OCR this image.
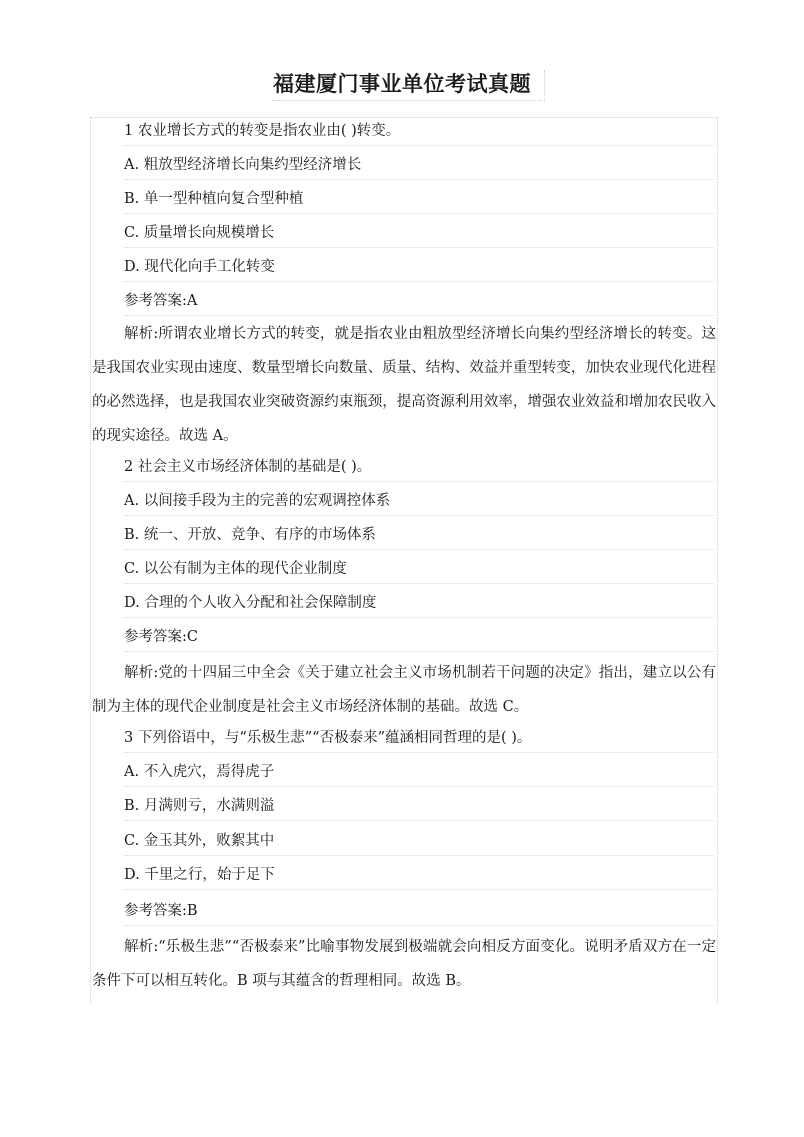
福建厦门事业单位考试真题

1 农业增长方式的转变是指农业由( )转变。

A. 粗放型经济增长向集约型经济增长

B. 单一型种植向复合型种植

C. 质量增长向规模增长

D. 现代化向手工化转变

参考答案:A

解析:所谓农业增长方式的转变，就是指农业由粗放型经济增长向集约型经济增长的转变。这是我国农业实现由速度、数量型增长向数量、质量、结构、效益并重型转变，加快农业现代化进程的必然选择，也是我国农业突破资源约束瓶颈，提高资源利用效率，增强农业效益和增加农民收入的现实途径。故选 A。

2 社会主义市场经济体制的基础是( )。

A. 以间接手段为主的完善的宏观调控体系

B. 统一、开放、竞争、有序的市场体系

C. 以公有制为主体的现代企业制度

D. 合理的个人收入分配和社会保障制度

参考答案:C

解析:党的十四届三中全会《关于建立社会主义市场机制若干问题的决定》指出，建立以公有制为主体的现代企业制度是社会主义市场经济体制的基础。故选 C。

3 下列俗语中，与“乐极生悲”“否极泰来”蕴涵相同哲理的是( )。

A. 不入虎穴，焉得虎子

B. 月满则亏，水满则溢

C. 金玉其外，败絮其中

D. 千里之行，始于足下

参考答案:B

解析:“乐极生悲”“否极泰来”比喻事物发展到极端就会向相反方面变化。说明矛盾双方在一定条件下可以相互转化。B 项与其蕴含的哲理相同。故选 B。
